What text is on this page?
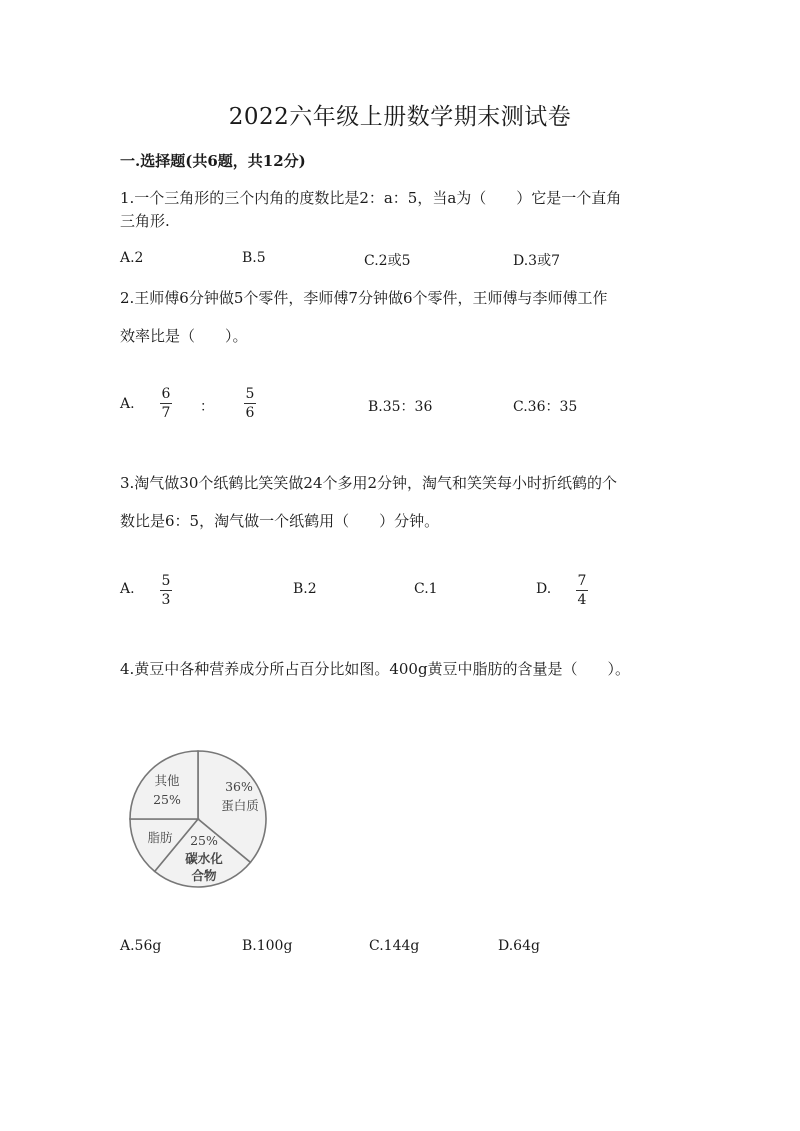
2022六年级上册数学期末测试卷
一.选择题(共6题，共12分)
1.一个三角形的三个内角的度数比是2：a：5，当a为（　　）它是一个直角
三角形.
A.2	B.5	C.2或5	D.3或7
2.王师傅6分钟做5个零件，李师傅7分钟做6个零件，王师傅与李师傅工作
效率比是（　　）。
A.
6
7 ：
5
6	B.35：36	C.36：35
3.淘气做30个纸鹤比笑笑做24个多用2分钟，淘气和笑笑每小时折纸鹤的个
数比是6：5，淘气做一个纸鹤用（　　）分钟。
A. 5
3
B.2	C.1	D. 7
4
4.黄豆中各种营养成分所占百分比如图。400g黄豆中脂肪的含量是（　　）。
其他
25%
36%
蛋白质
脂肪 25%
碳水化
合物
A.56g	B.100g	C.144g	D.64g
